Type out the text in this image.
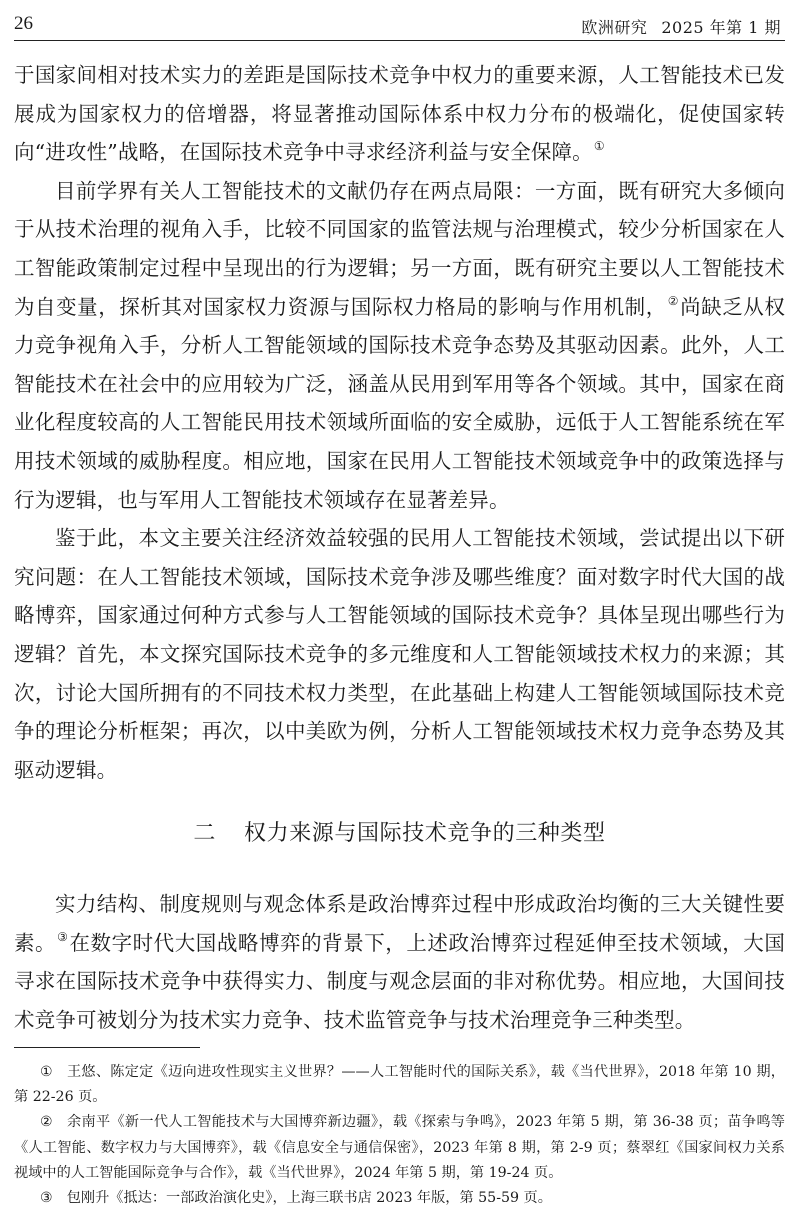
26	欧洲研究 2025 年第 1 期

于国家间相对技术实力的差距是国际技术竞争中权力的重要来源，人工智能技术已发展成为国家权力的倍增器，将显著推动国际体系中权力分布的极端化，促使国家转向“进攻性”战略，在国际技术竞争中寻求经济利益与安全保障。①

目前学界有关人工智能技术的文献仍存在两点局限：一方面，既有研究大多倾向于从技术治理的视角入手，比较不同国家的监管法规与治理模式，较少分析国家在人工智能政策制定过程中呈现出的行为逻辑；另一方面，既有研究主要以人工智能技术为自变量，探析其对国家权力资源与国际权力格局的影响与作用机制，②尚缺乏从权力竞争视角入手，分析人工智能领域的国际技术竞争态势及其驱动因素。此外，人工智能技术在社会中的应用较为广泛，涵盖从民用到军用等各个领域。其中，国家在商业化程度较高的人工智能民用技术领域所面临的安全威胁，远低于人工智能系统在军用技术领域的威胁程度。相应地，国家在民用人工智能技术领域竞争中的政策选择与行为逻辑，也与军用人工智能技术领域存在显著差异。

鉴于此，本文主要关注经济效益较强的民用人工智能技术领域，尝试提出以下研究问题：在人工智能技术领域，国际技术竞争涉及哪些维度？面对数字时代大国的战略博弈，国家通过何种方式参与人工智能领域的国际技术竞争？具体呈现出哪些行为逻辑？首先，本文探究国际技术竞争的多元维度和人工智能领域技术权力的来源；其次，讨论大国所拥有的不同技术权力类型，在此基础上构建人工智能领域国际技术竞争的理论分析框架；再次，以中美欧为例，分析人工智能领域技术权力竞争态势及其驱动逻辑。

二 权力来源与国际技术竞争的三种类型

实力结构、制度规则与观念体系是政治博弈过程中形成政治均衡的三大关键性要素。③在数字时代大国战略博弈的背景下，上述政治博弈过程延伸至技术领域，大国寻求在国际技术竞争中获得实力、制度与观念层面的非对称优势。相应地，大国间技术竞争可被划分为技术实力竞争、技术监管竞争与技术治理竞争三种类型。

① 王悠、陈定定《迈向进攻性现实主义世界？——人工智能时代的国际关系》，载《当代世界》，2018 年第 10 期，第 22-26 页。

② 余南平《新一代人工智能技术与大国博弈新边疆》，载《探索与争鸣》，2023 年第 5 期，第 36-38 页；苗争鸣等《人工智能、数字权力与大国博弈》，载《信息安全与通信保密》，2023 年第 8 期，第 2-9 页；蔡翠红《国家间权力关系视域中的人工智能国际竞争与合作》，载《当代世界》，2024 年第 5 期，第 19-24 页。

③ 包刚升《抵达：一部政治演化史》，上海三联书店 2023 年版，第 55-59 页。
